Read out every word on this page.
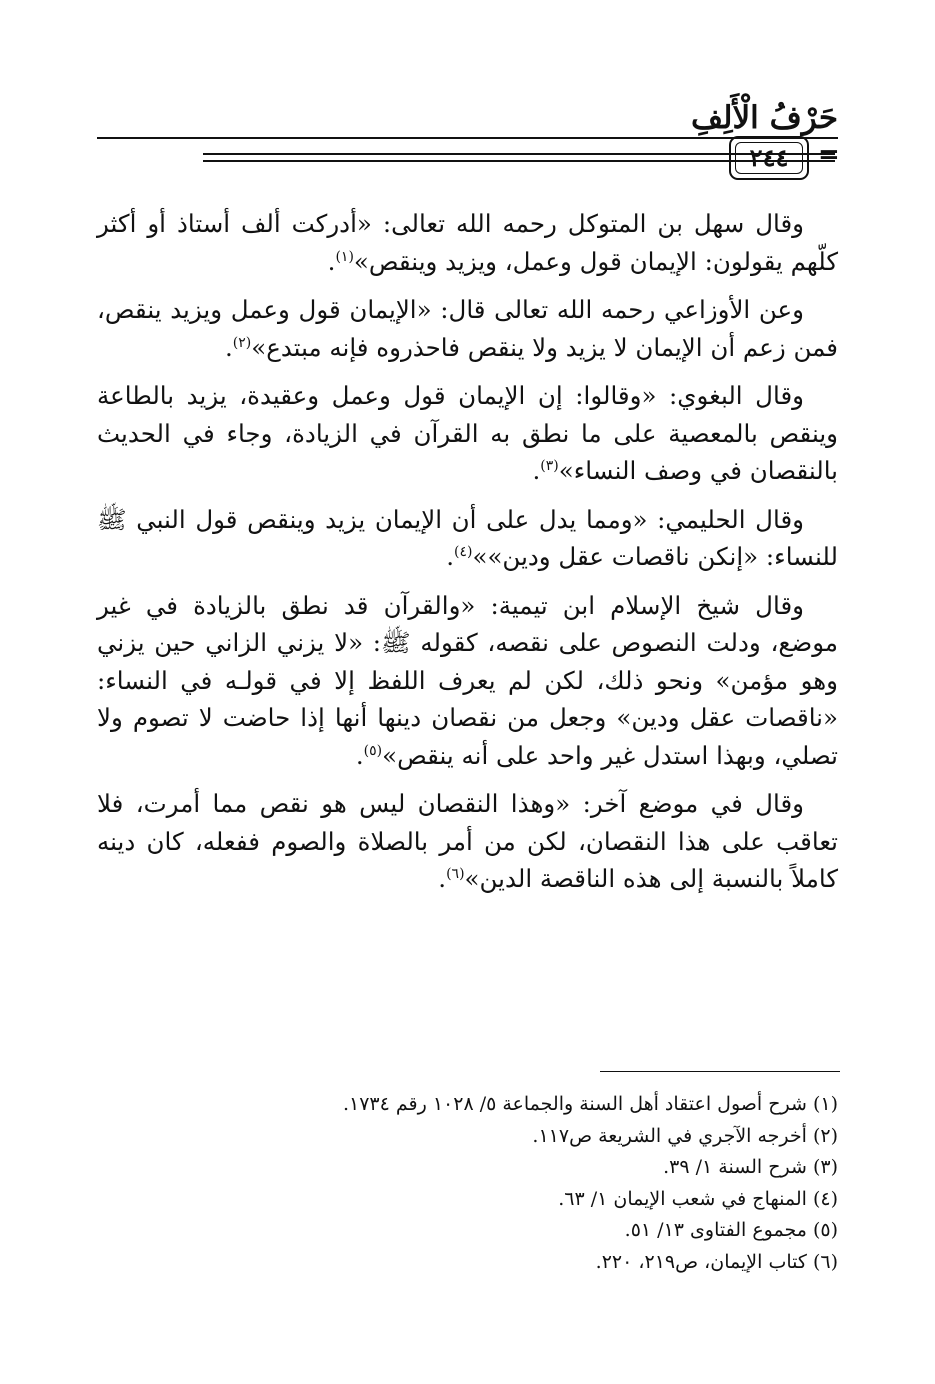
حَرْفُ الْأَلِفِ
٢٤٤	=

وقال سهل بن المتوكل رحمه الله تعالى: «أدركت ألف أستاذ أو أكثر كلّهم يقولون: الإيمان قول وعمل، ويزيد وينقص»$^{(١)}$.

وعن الأوزاعي رحمه الله تعالى قال: «الإيمان قول وعمل ويزيد ينقص، فمن زعم أن الإيمان لا يزيد ولا ينقص فاحذروه فإنه مبتدع»$^{(٢)}$.

وقال البغوي: «وقالوا: إن الإيمان قول وعمل وعقيدة، يزيد بالطاعة وينقص بالمعصية على ما نطق به القرآن في الزيادة، وجاء في الحديث بالنقصان في وصف النساء»$^{(٣)}$.

وقال الحليمي: «ومما يدل على أن الإيمان يزيد وينقص قول النبي ﷺ للنساء: «إنكن ناقصات عقل ودين»»$^{(٤)}$.

وقال شيخ الإسلام ابن تيمية: «والقرآن قد نطق بالزيادة في غير موضع، ودلت النصوص على نقصه، كقوله ﷺ: «لا يزني الزاني حين يزني وهو مؤمن» ونحو ذلك، لكن لم يعرف اللفظ إلا في قولـه في النساء: «ناقصات عقل ودين» وجعل من نقصان دينها أنها إذا حاضت لا تصوم ولا تصلي، وبهذا استدل غير واحد على أنه ينقص»$^{(٥)}$.

وقال في موضع آخر: «وهذا النقصان ليس هو نقص مما أمرت، فلا تعاقب على هذا النقصان، لكن من أمر بالصلاة والصوم ففعله، كان دينه كاملاً بالنسبة إلى هذه الناقصة الدين»$^{(٦)}$.

(١) شرح أصول اعتقاد أهل السنة والجماعة ٥/ ١٠٢٨ رقم ١٧٣٤.
(٢) أخرجه الآجري في الشريعة ص١١٧.
(٣) شرح السنة ١/ ٣٩.
(٤) المنهاج في شعب الإيمان ١/ ٦٣.
(٥) مجموع الفتاوى ١٣/ ٥١.
(٦) كتاب الإيمان، ص٢١٩، ٢٢٠.
